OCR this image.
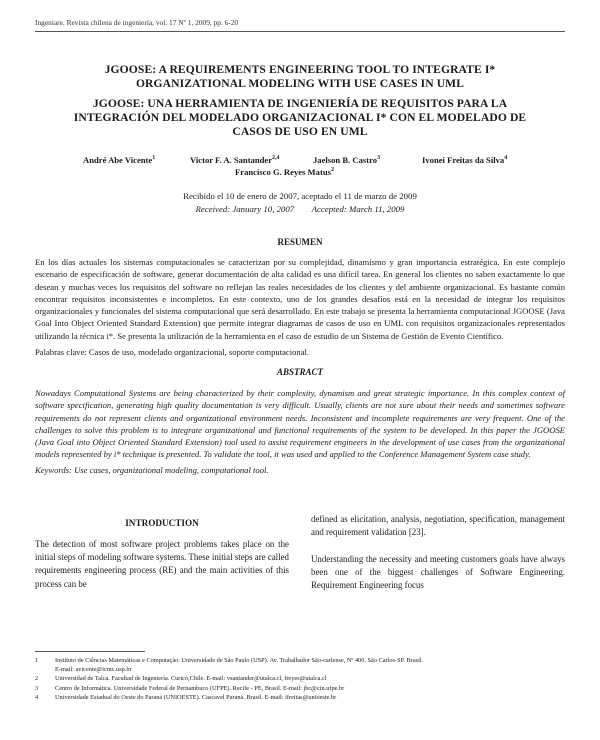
Ingeniare. Revista chilena de ingeniería, vol. 17 Nº 1, 2009, pp. 6-20
JGOOSE: A REQUIREMENTS ENGINEERING TOOL TO INTEGRATE I*
ORGANIZATIONAL MODELING WITH USE CASES IN UML
JGOOSE: UNA HERRAMIENTA DE INGENIERÍA DE REQUISITOS PARA LA
INTEGRACIÓN DEL MODELADO ORGANIZACIONAL I* CON EL MODELADO DE
CASOS DE USO EN UML
André Abe Vicente$^1$	Victor F. A. Santander$^{2,4}$	Jaelson B. Castro$^3$	Ivonei Freitas da Silva$^4$
Francisco G. Reyes Matus$^2$
Recibido el 10 de enero de 2007, aceptado el 11 de marzo de 2009
Received: January 10, 2007        Accepted: March 11, 2009
RESUMEN

En los días actuales los sistemas computacionales se caracterizan por su complejidad, dinamismo y gran importancia estratégica. En este complejo escenario de especificación de software, generar documentación de alta calidad es una difícil tarea. En general los clientes no saben exactamente lo que desean y muchas veces los requisitos del software no reflejan las reales necesidades de los clientes y del ambiente organizacional. Es bastante común encontrar requisitos inconsistentes e incompletos. En este contexto, uno de los grandes desafíos está en la necesidad de integrar los requisitos organizacionales y funcionales del sistema computacional que será desarrollado. En este trabajo se presenta la herramienta computacional JGOOSE (Java Goal Into Object Oriented Standard Extension) que permite integrar diagramas de casos de uso en UML con requisitos organizacionales representados utilizando la técnica i*. Se presenta la utilización de la herramienta en el caso de estudio de un Sistema de Gestión de Evento Científico.

Palabras clave: Casos de uso, modelado organizacional, soporte computacional.

ABSTRACT

Nowadays Computational Systems are being characterized by their complexity, dynamism and great strategic importance. In this complex context of software specification, generating high quality documentation is very difficult. Usually, clients are not sure about their needs and sometimes software requirements do not represent clients and organizational environment needs. Inconsistent and incomplete requirements are very frequent. One of the challenges to solve this problem is to integrate organizational and functional requirements of the system to be developed. In this paper the JGOOSE (Java Goal into Object Oriented Standard Extension) tool used to assist requirement engineers in the development of use cases from the organizational models represented by i* technique is presented. To validate the tool, it was used and applied to the Conference Management System case study.

Keywords: Use cases, organizational modeling, computational tool.

INTRODUCTION

The detection of most software project problems takes place on the initial steps of modeling software systems. These initial steps are called requirements engineering process (RE) and the main activities of this process can be

defined as elicitation, analysis, negotiation, specification, management and requirement validation [23].

Understanding the necessity and meeting customers goals have always been one of the biggest challenges of Software Engineering. Requirement Engineering focus

1	Instituto de Ciências Matemáticas e Computação. Universidade de São Paulo (USP). Av. Trabalhador São-carlense, Nº 400. São Carlos-SP. Brasil.
E-mail: avicente@icmc.usp.br
2	Universidad de Talca. Facultad de Ingeniería. Curicó,Chile. E-mail: vsantander@utalca.cl, freyes@utalca.cl
3	Centro de Informática. Universidade Federal de Pernambuco (UFPE). Recife - PE, Brasil. E-mail: jbc@cin.ufpe.br
4	Universidade Estadual do Oeste do Paraná (UNIOESTE). Cascavel Paraná. Brasil. E-mail: ifreitas@unioeste.br
